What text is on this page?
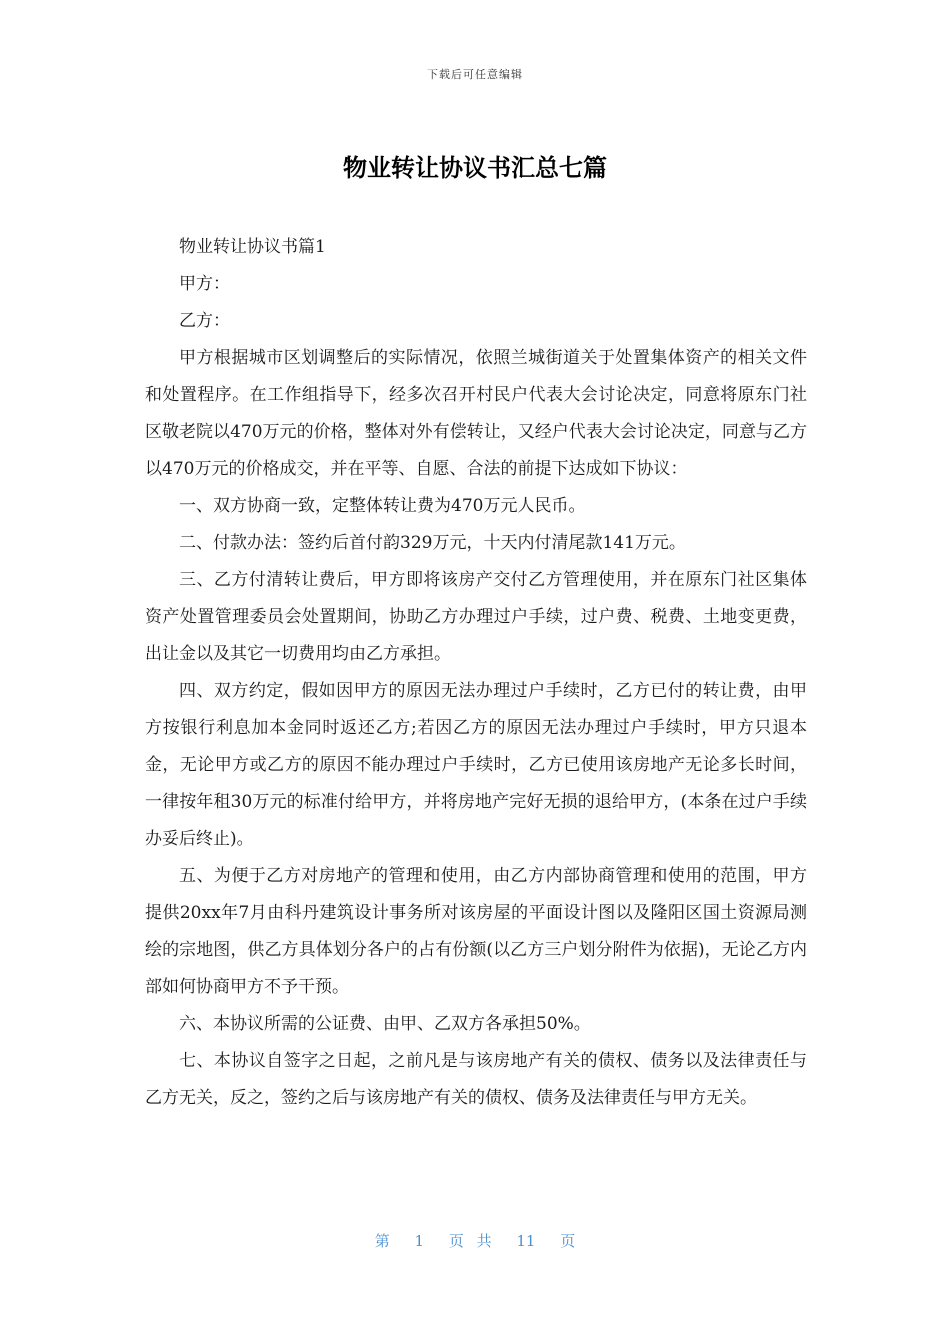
下载后可任意编辑
物业转让协议书汇总七篇

物业转让协议书篇1

甲方：

乙方：

甲方根据城市区划调整后的实际情况，依照兰城街道关于处置集体资产的相关文件和处置程序。在工作组指导下，经多次召开村民户代表大会讨论决定，同意将原东门社区敬老院以470万元的价格，整体对外有偿转让，又经户代表大会讨论决定，同意与乙方以470万元的价格成交，并在平等、自愿、合法的前提下达成如下协议：

一、双方协商一致，定整体转让费为470万元人民币。

二、付款办法：签约后首付韵329万元，十天内付清尾款141万元。

三、乙方付清转让费后，甲方即将该房产交付乙方管理使用，并在原东门社区集体资产处置管理委员会处置期间，协助乙方办理过户手续，过户费、税费、土地变更费，出让金以及其它一切费用均由乙方承担。

四、双方约定，假如因甲方的原因无法办理过户手续时，乙方已付的转让费，由甲方按银行利息加本金同时返还乙方;若因乙方的原因无法办理过户手续时，甲方只退本金，无论甲方或乙方的原因不能办理过户手续时，乙方已使用该房地产无论多长时间，一律按年租30万元的标准付给甲方，并将房地产完好无损的退给甲方，(本条在过户手续办妥后终止)。

五、为便于乙方对房地产的管理和使用，由乙方内部协商管理和使用的范围，甲方提供20xx年7月由科丹建筑设计事务所对该房屋的平面设计图以及隆阳区国土资源局测绘的宗地图，供乙方具体划分各户的占有份额(以乙方三户划分附件为依据)，无论乙方内部如何协商甲方不予干预。

六、本协议所需的公证费、由甲、乙双方各承担50%。

七、本协议自签字之日起，之前凡是与该房地产有关的债权、债务以及法律责任与乙方无关，反之，签约之后与该房地产有关的债权、债务及法律责任与甲方无关。

第 1 页 共 11 页
